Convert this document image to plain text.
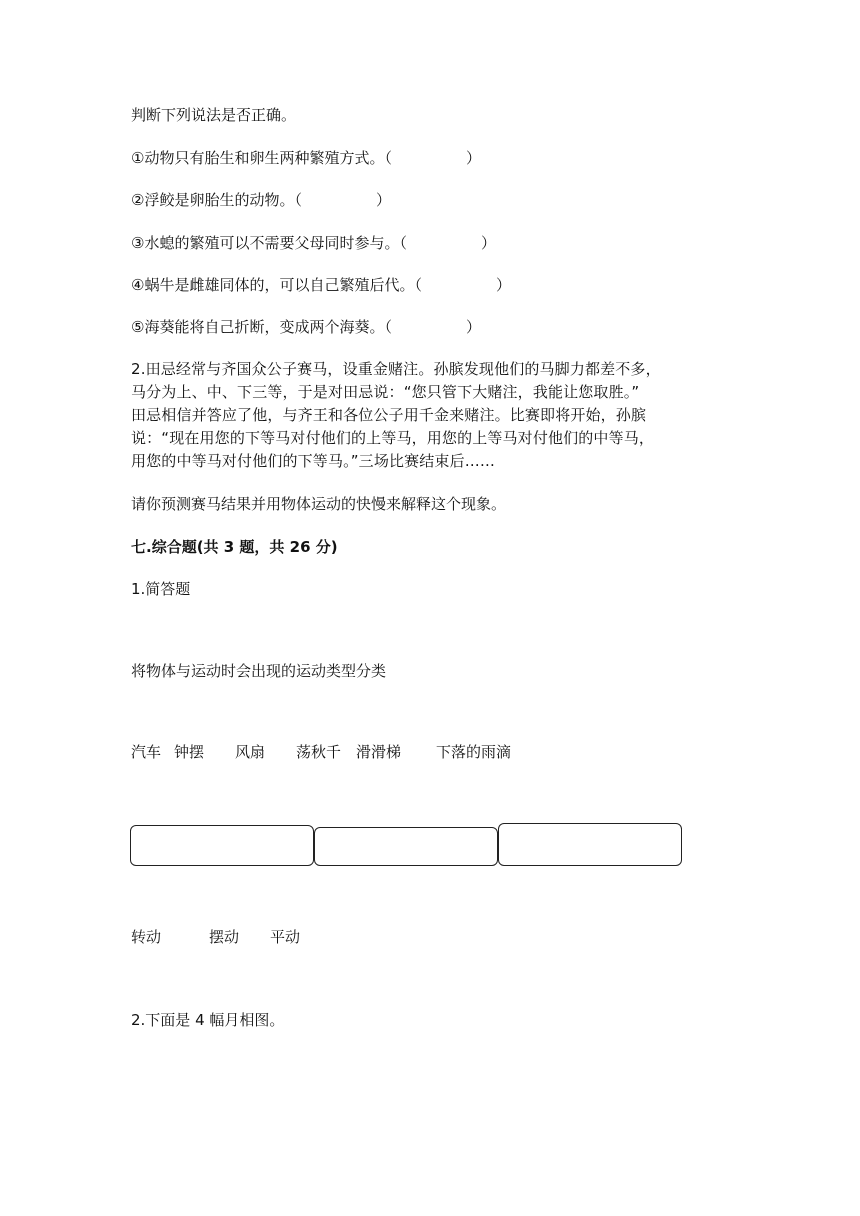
判断下列说法是否正确。
①动物只有胎生和卵生两种繁殖方式。（	）
②浮鲛是卵胎生的动物。（	）
③水螅的繁殖可以不需要父母同时参与。（	）
④蜗牛是雌雄同体的，可以自己繁殖后代。（	）
⑤海葵能将自己折断，变成两个海葵。（	）
2.田忌经常与齐国众公子赛马，设重金赌注。孙膑发现他们的马脚力都差不多，
马分为上、中、下三等，于是对田忌说：“您只管下大赌注，我能让您取胜。”
田忌相信并答应了他，与齐王和各位公子用千金来赌注。比赛即将开始，孙膑
说：“现在用您的下等马对付他们的上等马，用您的上等马对付他们的中等马，
用您的中等马对付他们的下等马。”三场比赛结束后……
请你预测赛马结果并用物体运动的快慢来解释这个现象。
七.综合题(共 3 题，共 26 分)
1.简答题
将物体与运动时会出现的运动类型分类
汽车 钟摆 风扇 荡秋千 滑滑梯 下落的雨滴
转动	摆动 平动
2.下面是 4 幅月相图。
